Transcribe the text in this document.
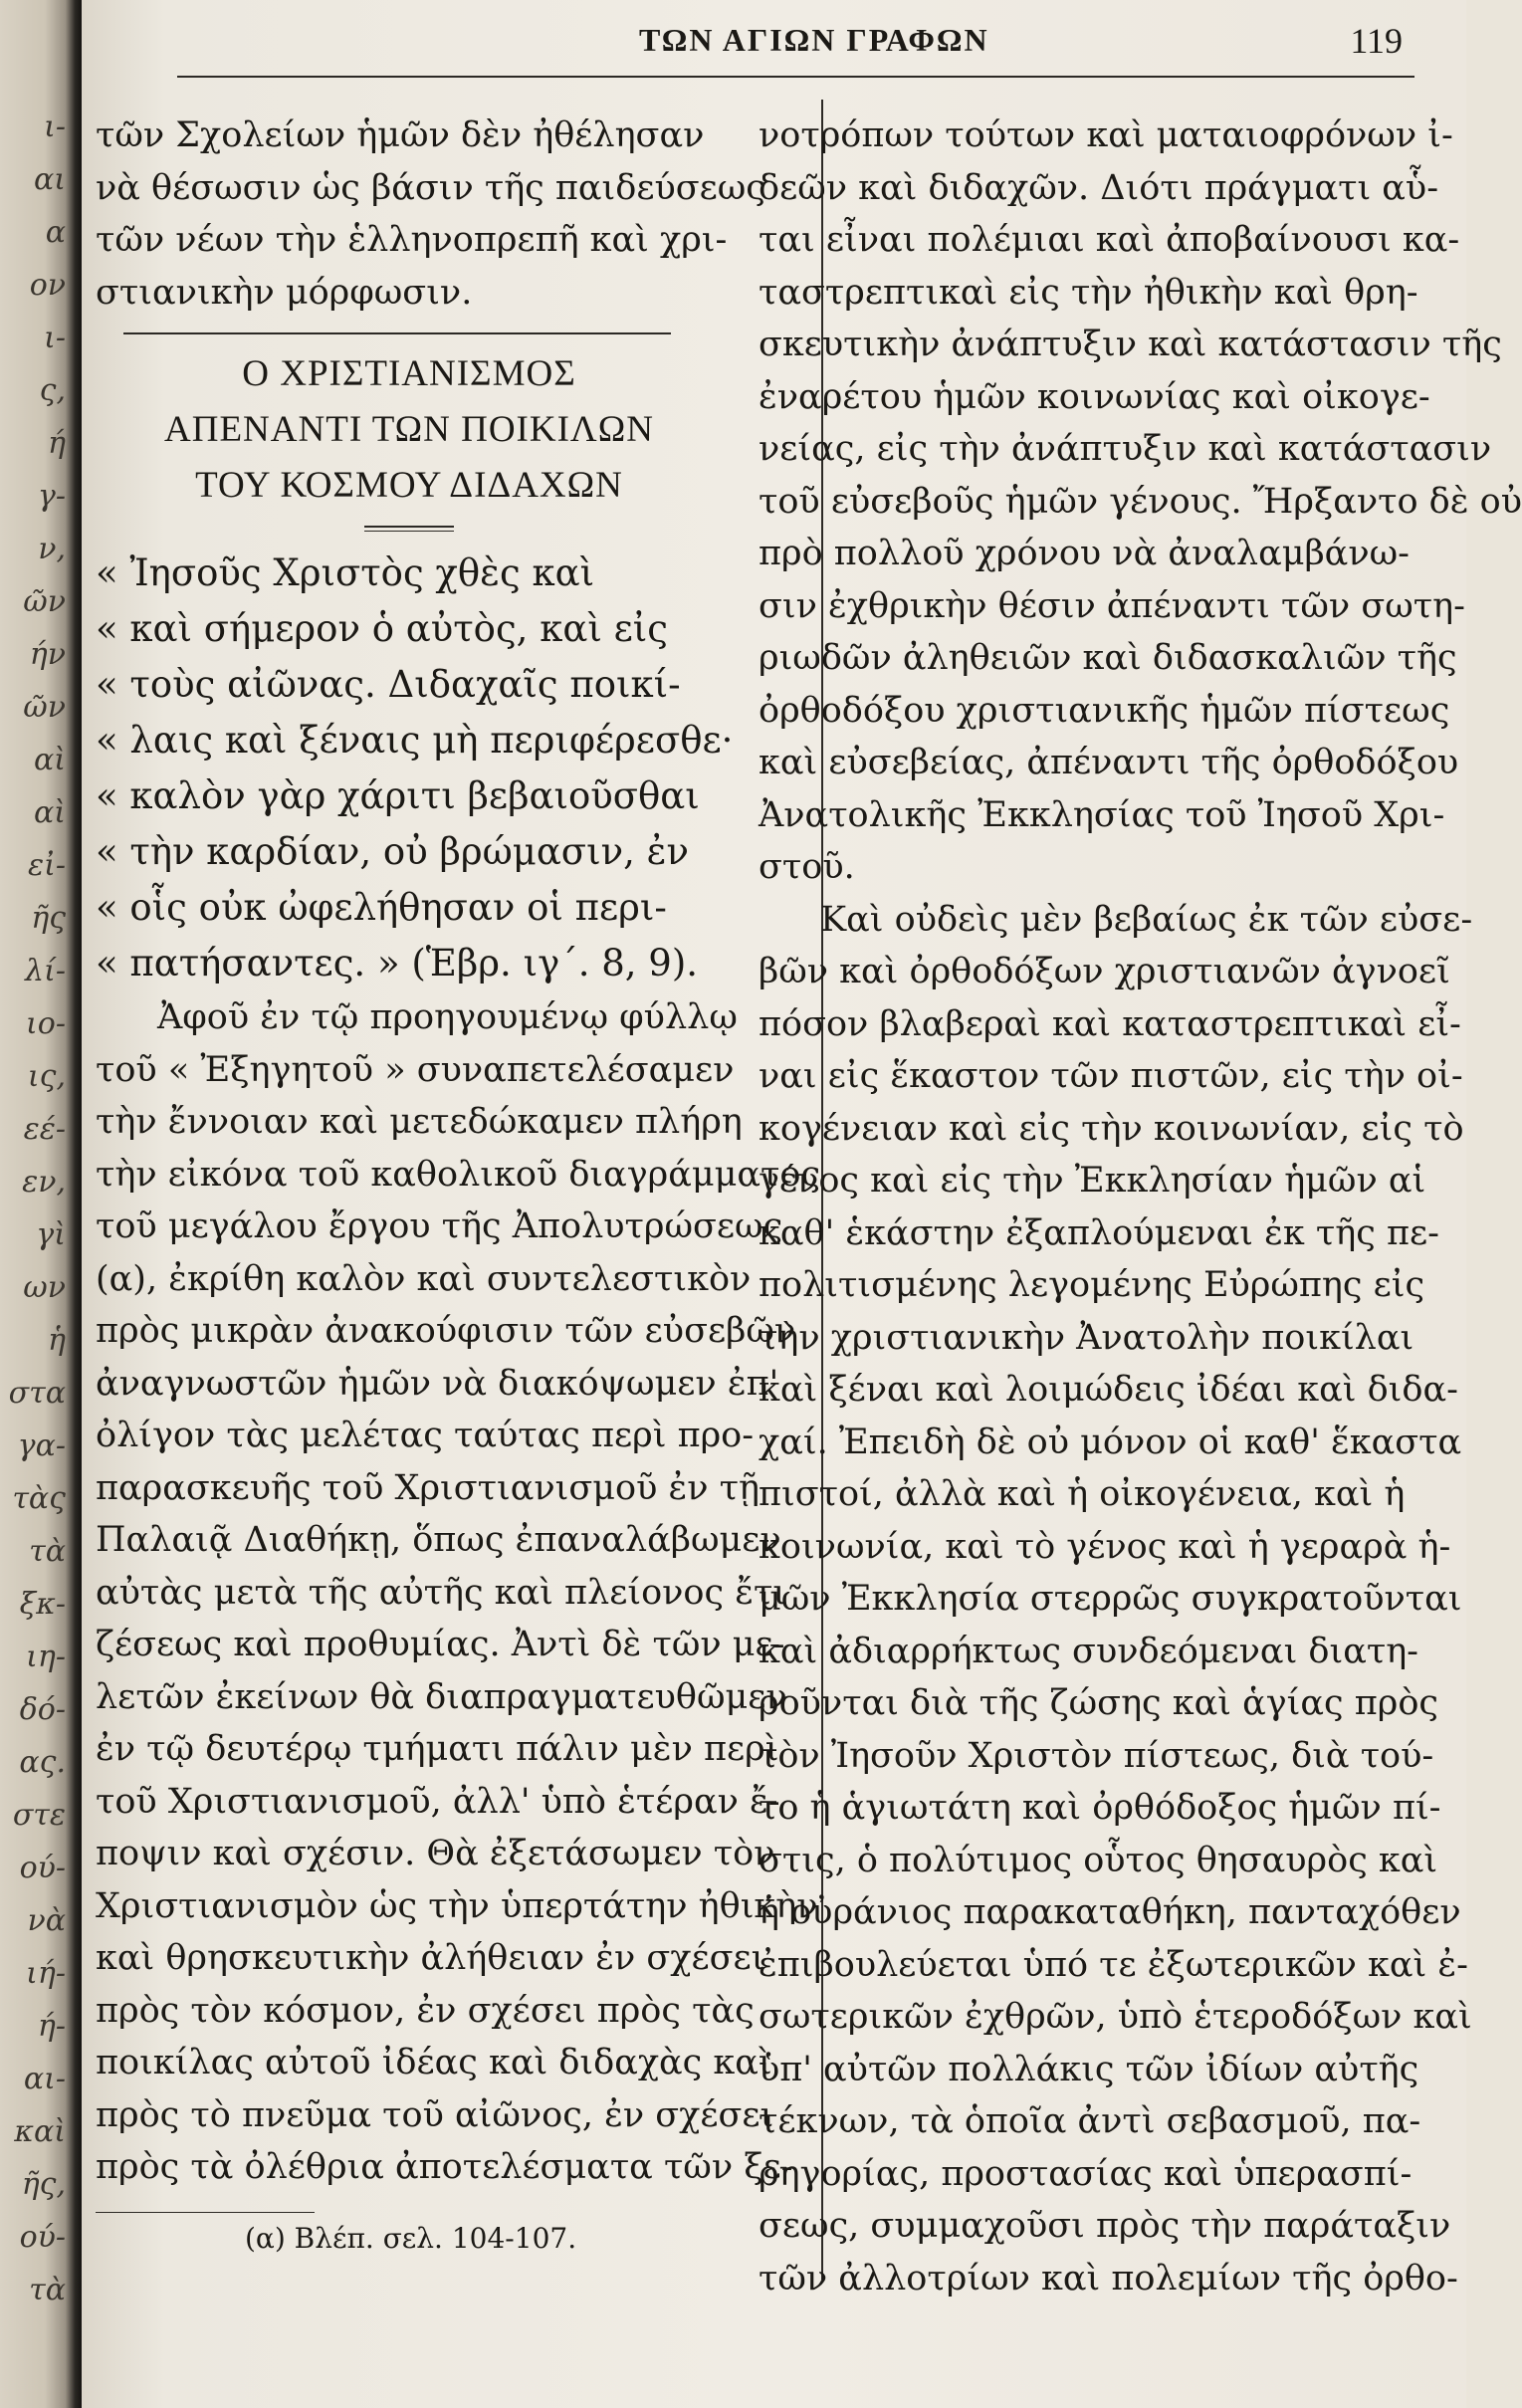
ι-
αι
α
ον
ι-
ς,
ή
γ-
ν,
ῶν
ήν
ῶν
αὶ
αὶ
εἰ-
ῆς
λί-
ιο-
ις,
εέ-
εν,
γὶ
ων
ἡ
στα
γα-
τὰς
τὰ
ξκ-
ιη-
δό-
ας.
στε
ού-
νὰ
ιή-
ή-
αι-
καὶ
ῆς,
ού-
τὰ
ΤΩΝ ΑΓΙΩΝ ΓΡΑΦΩΝ	119
τῶν Σχολείων ἡμῶν δὲν ἠθέλησαν
νὰ θέσωσιν ὡς βάσιν τῆς παιδεύσεως
τῶν νέων τὴν ἑλληνοπρεπῆ καὶ χρι-
στιανικὴν μόρφωσιν.
Ο ΧΡΙΣΤΙΑΝΙΣΜΟΣ
ΑΠΕΝΑΝΤΙ ΤΩΝ ΠΟΙΚΙΛΩΝ
ΤΟΥ ΚΟΣΜΟΥ ΔΙΔΑΧΩΝ
« Ἰησοῦς Χριστὸς χθὲς καὶ
« καὶ σήμερον ὁ αὐτὸς, καὶ εἰς
« τοὺς αἰῶνας. Διδαχαῖς ποικί-
« λαις καὶ ξέναις μὴ περιφέρεσθε·
« καλὸν γὰρ χάριτι βεβαιοῦσθαι
« τὴν καρδίαν, οὐ βρώμασιν, ἐν
« οἷς οὐκ ὠφελήθησαν οἱ περι-
« πατήσαντες. » (Ἑβρ. ιγ΄. 8, 9).
Ἀφοῦ ἐν τῷ προηγουμένῳ φύλλῳ
τοῦ « Ἐξηγητοῦ » συναπετελέσαμεν
τὴν ἔννοιαν καὶ μετεδώκαμεν πλήρη
τὴν εἰκόνα τοῦ καθολικοῦ διαγράμματος
τοῦ μεγάλου ἔργου τῆς Ἀπολυτρώσεως
(α), ἐκρίθη καλὸν καὶ συντελεστικὸν
πρὸς μικρὰν ἀνακούφισιν τῶν εὐσεβῶν
ἀναγνωστῶν ἡμῶν νὰ διακόψωμεν ἐπ'
ὀλίγον τὰς μελέτας ταύτας περὶ προ-
παρασκευῆς τοῦ Χριστιανισμοῦ ἐν τῇ
Παλαιᾷ Διαθήκῃ, ὅπως ἐπαναλάβωμεν
αὐτὰς μετὰ τῆς αὐτῆς καὶ πλείονος ἔτι
ζέσεως καὶ προθυμίας. Ἀντὶ δὲ τῶν με-
λετῶν ἐκείνων θὰ διαπραγματευθῶμεν
ἐν τῷ δευτέρῳ τμήματι πάλιν μὲν περὶ
τοῦ Χριστιανισμοῦ, ἀλλ' ὑπὸ ἑτέραν ἔ-
ποψιν καὶ σχέσιν. Θὰ ἐξετάσωμεν τὸν
Χριστιανισμὸν ὡς τὴν ὑπερτάτην ἠθικὴν
καὶ θρησκευτικὴν ἀλήθειαν ἐν σχέσει
πρὸς τὸν κόσμον, ἐν σχέσει πρὸς τὰς
ποικίλας αὐτοῦ ἰδέας καὶ διδαχὰς καὶ
πρὸς τὸ πνεῦμα τοῦ αἰῶνος, ἐν σχέσει
πρὸς τὰ ὀλέθρια ἀποτελέσματα τῶν ξε-
(α) Βλέπ. σελ. 104-107.
νοτρόπων τούτων καὶ ματαιοφρόνων ἰ-
δεῶν καὶ διδαχῶν. Διότι πράγματι αὗ-
ται εἶναι πολέμιαι καὶ ἀποβαίνουσι κα-
ταστρεπτικαὶ εἰς τὴν ἠθικὴν καὶ θρη-
σκευτικὴν ἀνάπτυξιν καὶ κατάστασιν τῆς
ἐναρέτου ἡμῶν κοινωνίας καὶ οἰκογε-
νείας, εἰς τὴν ἀνάπτυξιν καὶ κατάστασιν
τοῦ εὐσεβοῦς ἡμῶν γένους. Ἤρξαντο δὲ οὐ
πρὸ πολλοῦ χρόνου νὰ ἀναλαμβάνω-
σιν ἐχθρικὴν θέσιν ἀπέναντι τῶν σωτη-
ριωδῶν ἀληθειῶν καὶ διδασκαλιῶν τῆς
ὀρθοδόξου χριστιανικῆς ἡμῶν πίστεως
καὶ εὐσεβείας, ἀπέναντι τῆς ὀρθοδόξου
Ἀνατολικῆς Ἐκκλησίας τοῦ Ἰησοῦ Χρι-
στοῦ.
Καὶ οὐδεὶς μὲν βεβαίως ἐκ τῶν εὐσε-
βῶν καὶ ὀρθοδόξων χριστιανῶν ἀγνοεῖ
πόσον βλαβεραὶ καὶ καταστρεπτικαὶ εἶ-
ναι εἰς ἕκαστον τῶν πιστῶν, εἰς τὴν οἰ-
κογένειαν καὶ εἰς τὴν κοινωνίαν, εἰς τὸ
γένος καὶ εἰς τὴν Ἐκκλησίαν ἡμῶν αἱ
καθ' ἑκάστην ἐξαπλούμεναι ἐκ τῆς πε-
πολιτισμένης λεγομένης Εὐρώπης εἰς
τὴν χριστιανικὴν Ἀνατολὴν ποικίλαι
καὶ ξέναι καὶ λοιμώδεις ἰδέαι καὶ διδα-
χαί. Ἐπειδὴ δὲ οὐ μόνον οἱ καθ' ἕκαστα
πιστοί, ἀλλὰ καὶ ἡ οἰκογένεια, καὶ ἡ
κοινωνία, καὶ τὸ γένος καὶ ἡ γεραρὰ ἡ-
μῶν Ἐκκλησία στερρῶς συγκρατοῦνται
καὶ ἀδιαρρήκτως συνδεόμεναι διατη-
ροῦνται διὰ τῆς ζώσης καὶ ἁγίας πρὸς
τὸν Ἰησοῦν Χριστὸν πίστεως, διὰ τού-
το ἡ ἁγιωτάτη καὶ ὀρθόδοξος ἡμῶν πί-
στις, ὁ πολύτιμος οὗτος θησαυρὸς καὶ
ἡ οὐράνιος παρακαταθήκη, πανταχόθεν
ἐπιβουλεύεται ὑπό τε ἐξωτερικῶν καὶ ἐ-
σωτερικῶν ἐχθρῶν, ὑπὸ ἑτεροδόξων καὶ
ὑπ' αὐτῶν πολλάκις τῶν ἰδίων αὐτῆς
τέκνων, τὰ ὁποῖα ἀντὶ σεβασμοῦ, πα-
ρηγορίας, προστασίας καὶ ὑπερασπί-
σεως, συμμαχοῦσι πρὸς τὴν παράταξιν
τῶν ἀλλοτρίων καὶ πολεμίων τῆς ὀρθο-
